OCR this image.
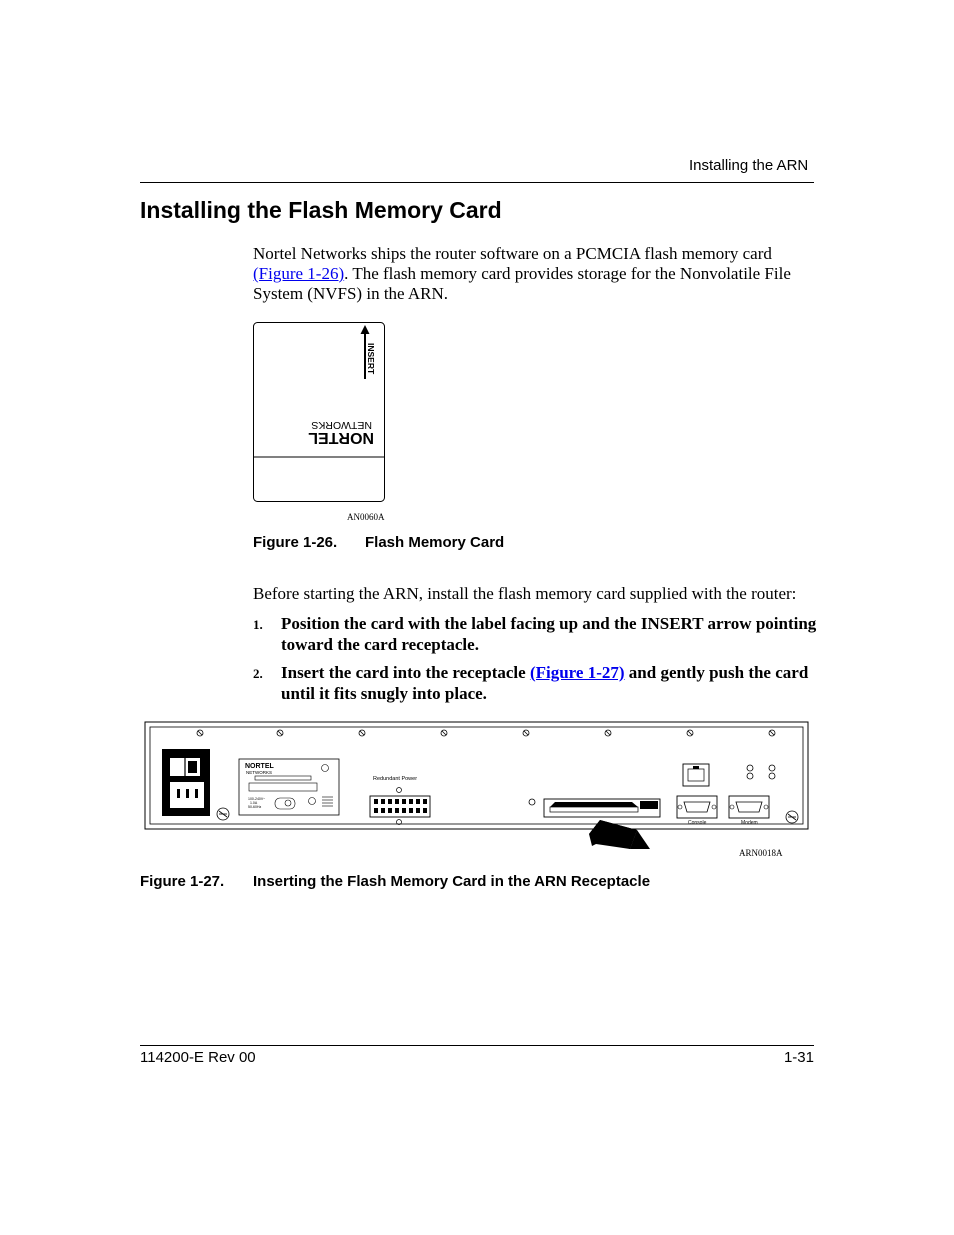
Installing the ARN
Installing the Flash Memory Card

Nortel Networks ships the router software on a PCMCIA flash memory card (Figure 1-26). The flash memory card provides storage for the Nonvolatile File System (NVFS) in the ARN.

INSERT
NORTEL
NETWORKS
AN0060A
Figure 1-26. Flash Memory Card
Before starting the ARN, install the flash memory card supplied with the router:
1. Position the card with the label facing up and the INSERT arrow pointing toward the card receptacle.
2. Insert the card into the receptacle (Figure 1-27) and gently push the card until it fits snugly into place.
NORTEL
NETWORKS
100-240V~
1.0A
50-60Hz
Redundant Power
Console	Modem
ARN0018A
Figure 1-27. Inserting the Flash Memory Card in the ARN Receptacle
114200-E Rev 00	1-31
